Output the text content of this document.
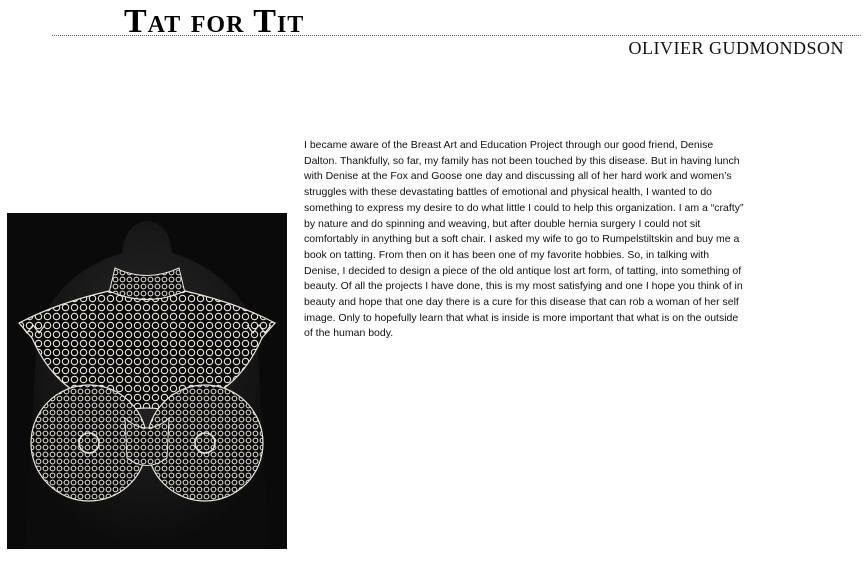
Tat for Tit
OLIVIER GUDMONDSON

I became aware of the Breast Art and Education Project through our good friend, Denise Dalton. Thankfully, so far, my family has not been touched by this disease. But in having lunch with Denise at the Fox and Goose one day and discussing all of her hard work and women’s struggles with these devastating battles of emotional and physical health, I wanted to do something to express my desire to do what little I could to help this organization. I am a “crafty” by nature and do spinning and weaving, but after double hernia surgery I could not sit comfortably in anything but a soft chair. I asked my wife to go to Rumpelstiltskin and buy me a book on tatting. From then on it has been one of my favorite hobbies. So, in talking with Denise, I decided to design a piece of the old antique lost art form, of tatting, into something of beauty. Of all the projects I have done, this is my most satisfying and one I hope you think of in beauty and hope that one day there is a cure for this disease that can rob a woman of her self image. Only to hopefully learn that what is inside is more important that what is on the outside of the human body.
